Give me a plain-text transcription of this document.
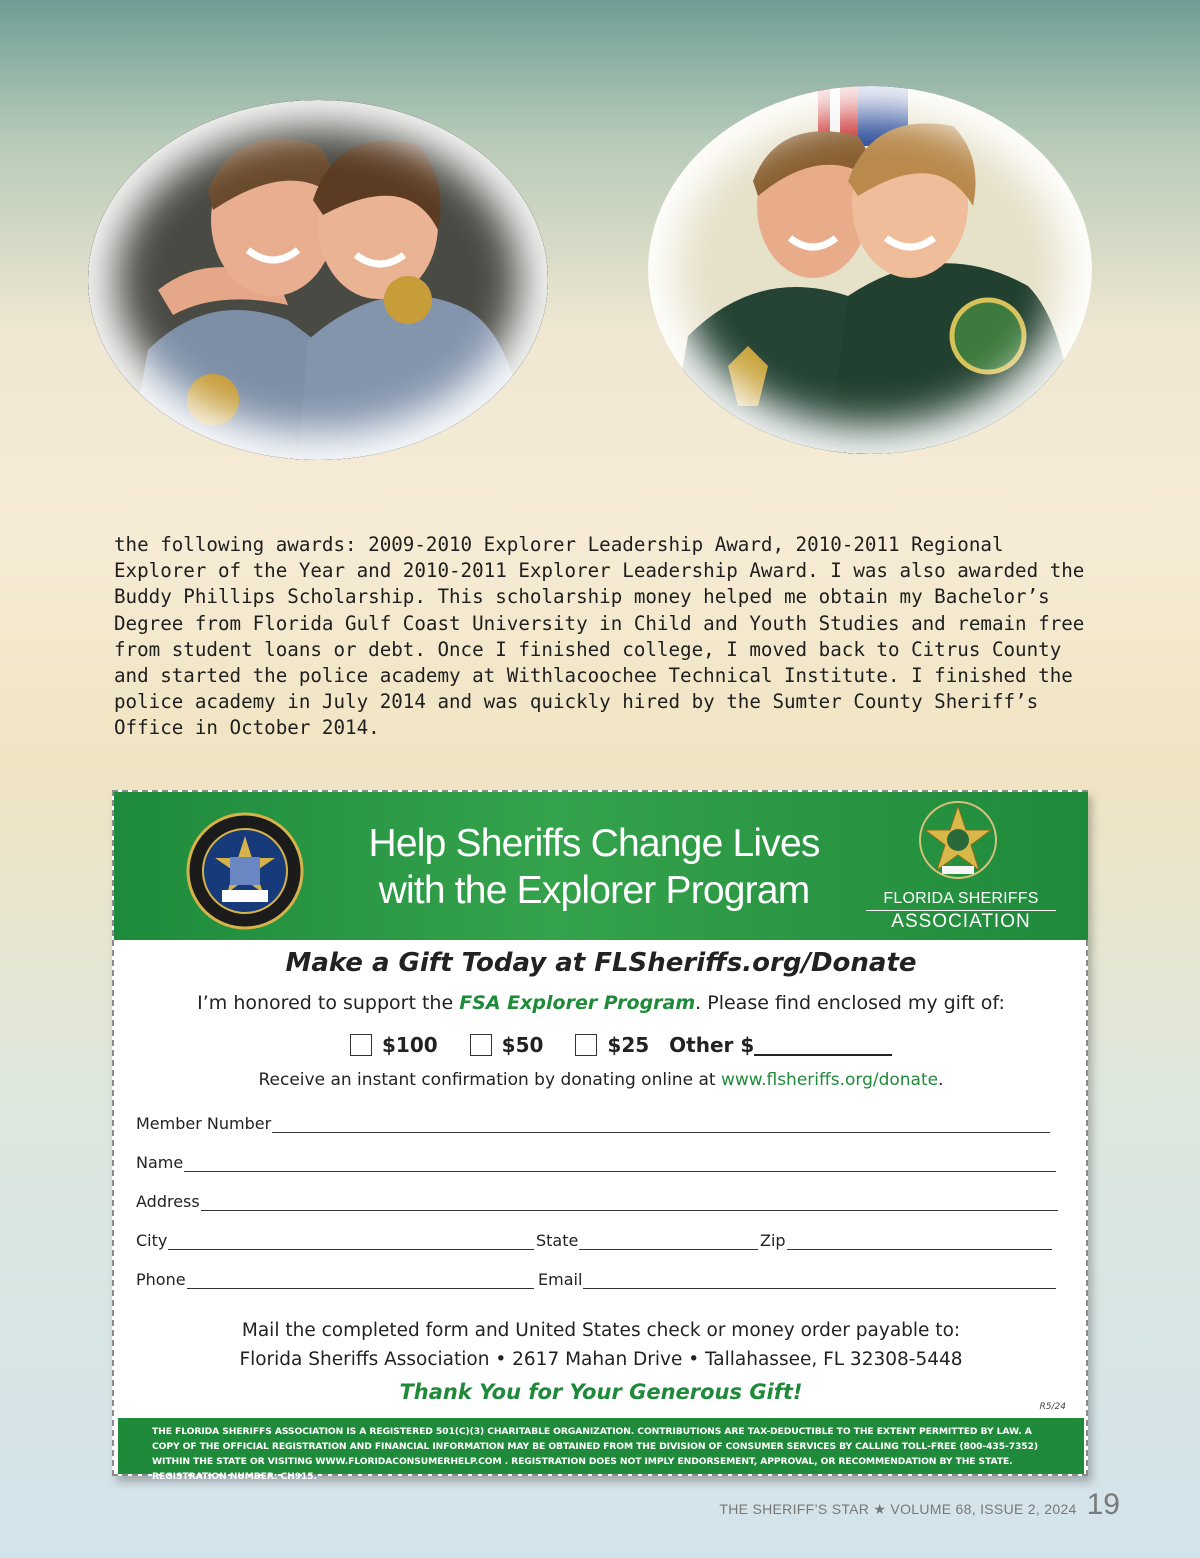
the following awards: 2009-2010 Explorer Leadership Award, 2010-2011 Regional Explorer of the Year and 2010-2011 Explorer Leadership Award. I was also awarded the Buddy Phillips Scholarship. This scholarship money helped me obtain my Bachelor’s Degree from Florida Gulf Coast University in Child and Youth Studies and remain free from student loans or debt. Once I finished college, I moved back to Citrus County and started the police academy at Withlacoochee Technical Institute. I finished the police academy in July 2014 and was quickly hired by the Sumter County Sheriff’s Office in October 2014.

Help Sheriffs Change Lives
with the Explorer Program	FLORIDA SHERIFFS
ASSOCIATION
Make a Gift Today at FLSheriffs.org/Donate
I’m honored to support the FSA Explorer Program. Please find enclosed my gift of:
$100	$50	$25 Other $
Receive an instant confirmation by donating online at www.flsheriffs.org/donate.
Member Number
Name
Address
City	State	Zip
Phone	Email
Mail the completed form and United States check or money order payable to:
Florida Sheriffs Association • 2617 Mahan Drive • Tallahassee, FL 32308-5448
Thank You for Your Generous Gift!
R5/24
THE FLORIDA SHERIFFS ASSOCIATION IS A REGISTERED 501(C)(3) CHARITABLE ORGANIZATION. CONTRIBUTIONS ARE TAX-DEDUCTIBLE TO THE EXTENT PERMITTED BY LAW. A COPY OF THE OFFICIAL REGISTRATION AND FINANCIAL INFORMATION MAY BE OBTAINED FROM THE DIVISION OF CONSUMER SERVICES BY CALLING TOLL-FREE (800-435-7352) WITHIN THE STATE OR VISITING WWW.FLORIDACONSUMERHELP.COM . REGISTRATION DOES NOT IMPLY ENDORSEMENT, APPROVAL, OR RECOMMENDATION BY THE STATE. REGISTRATION NUMBER: CH915.
THE SHERIFF’S STAR ★ VOLUME 68, ISSUE 2, 2024 19
